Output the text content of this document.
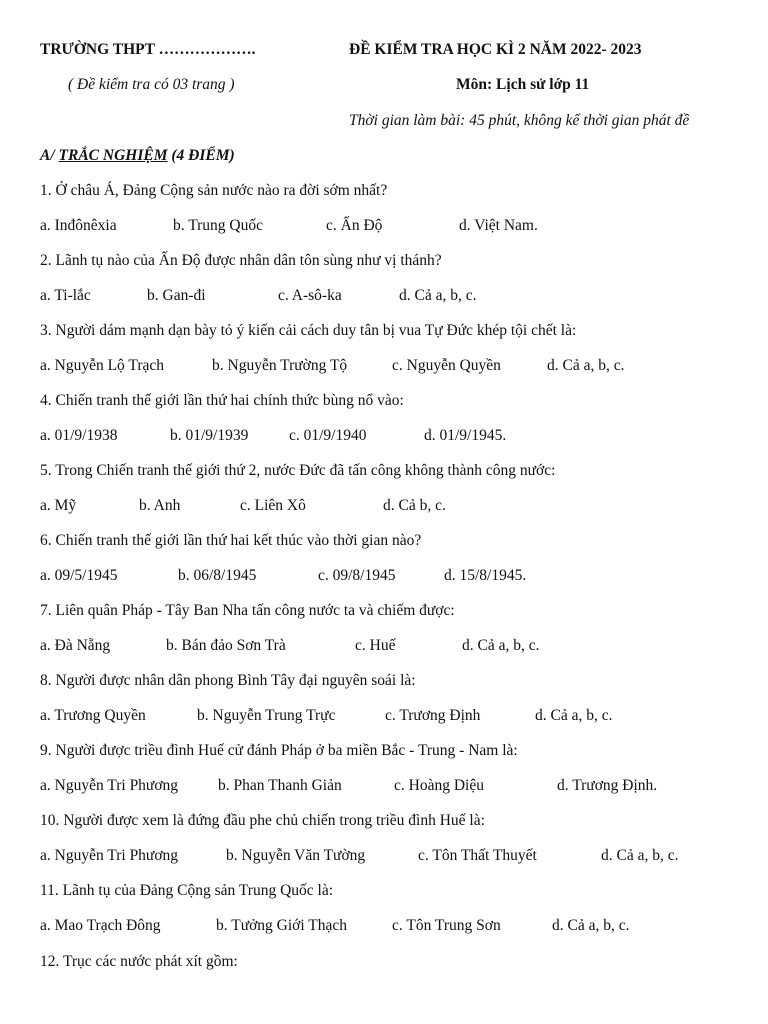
TRƯỜNG THPT ……………….
( Đề kiểm tra có 03 trang )
ĐỀ KIỂM TRA HỌC KÌ 2 NĂM 2022- 2023
Môn: Lịch sử lớp 11
Thời gian làm bài: 45 phút, không kể thời gian phát đề
A/ TRẮC NGHIỆM (4 ĐIỂM)
1. Ở châu Á, Đảng Cộng sản nước nào ra đời sớm nhất?
a. Inđônêxia	b. Trung Quốc	c. Ấn Độ	d. Việt Nam.
2. Lãnh tụ nào của Ấn Độ được nhân dân tôn sùng như vị thánh?
a. Ti-lắc	b. Gan-đi	c. A-sô-ka	d. Cả a, b, c.
3. Người dám mạnh dạn bày tỏ ý kiến cải cách duy tân bị vua Tự Đức khép tội chết là:
a. Nguyễn Lộ Trạch	b. Nguyễn Trường Tộ	c. Nguyễn Quyền	d. Cả a, b, c.
4. Chiến tranh thế giới lần thứ hai chính thức bùng nổ vào:
a. 01/9/1938	b. 01/9/1939	c. 01/9/1940	d. 01/9/1945.
5. Trong Chiến tranh thế giới thứ 2, nước Đức đã tấn công không thành công nước:
a. Mỹ	b. Anh	c. Liên Xô	d. Cả b, c.
6. Chiến tranh thế giới lần thứ hai kết thúc vào thời gian nào?
a. 09/5/1945	b. 06/8/1945	c. 09/8/1945	d. 15/8/1945.
7. Liên quân Pháp - Tây Ban Nha tấn công nước ta và chiếm được:
a. Đà Nẵng	b. Bán đảo Sơn Trà	c. Huế	d. Cả a, b, c.
8. Người được nhân dân phong Bình Tây đại nguyên soái là:
a. Trương Quyền	b. Nguyễn Trung Trực	c. Trương Định	d. Cả a, b, c.
9. Người được triều đình Huế cử đánh Pháp ở ba miền Bắc - Trung - Nam là:
a. Nguyễn Tri Phương	b. Phan Thanh Giản	c. Hoàng Diệu	d. Trương Định.
10. Người được xem là đứng đầu phe chủ chiến trong triều đình Huế là:
a. Nguyễn Tri Phương	b. Nguyễn Văn Tường	c. Tôn Thất Thuyết	d. Cả a, b, c.
11. Lãnh tụ của Đảng Cộng sản Trung Quốc là:
a. Mao Trạch Đông	b. Tưởng Giới Thạch	c. Tôn Trung Sơn	d. Cả a, b, c.
12. Trục các nước phát xít gồm:
